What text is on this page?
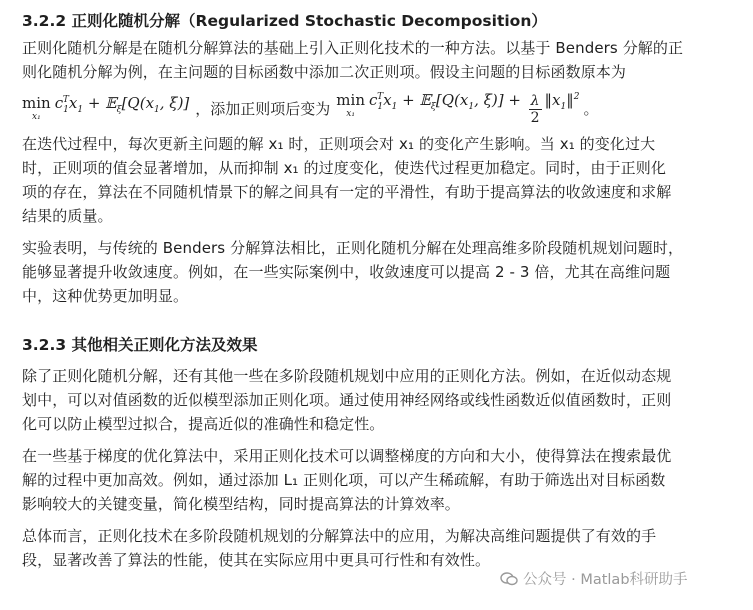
3.2.2 正则化随机分解（Regularized Stochastic Decomposition）

正则化随机分解是在随机分解算法的基础上引入正则化技术的一种方法。以基于 Benders 分解的正
则化随机分解为例，在主问题的目标函数中添加二次正则项。假设主问题的目标函数原本为

min
x₁
$c_1^Tx_1$ + $𝔼_\xi[Q(x_1$, ξ)] ，添加正则项后变为 min
x₁
$c_1^Tx_1$ + $𝔼_\xi[Q(x_1$, $\xi)] + \frac{\lambda}{2}$ $‖x_1‖^2$
。

在迭代过程中，每次更新主问题的解 x₁ 时，正则项会对 x₁ 的变化产生影响。当 x₁ 的变化过大
时，正则项的值会显著增加，从而抑制 x₁ 的过度变化，使迭代过程更加稳定。同时，由于正则化
项的存在，算法在不同随机情景下的解之间具有一定的平滑性，有助于提高算法的收敛速度和求解
结果的质量。

实验表明，与传统的 Benders 分解算法相比，正则化随机分解在处理高维多阶段随机规划问题时，
能够显著提升收敛速度。例如，在一些实际案例中，收敛速度可以提高 2 - 3 倍，尤其在高维问题
中，这种优势更加明显。

3.2.3 其他相关正则化方法及效果

除了正则化随机分解，还有其他一些在多阶段随机规划中应用的正则化方法。例如，在近似动态规
划中，可以对值函数的近似模型添加正则化项。通过使用神经网络或线性函数近似值函数时，正则
化可以防止模型过拟合，提高近似的准确性和稳定性。

在一些基于梯度的优化算法中，采用正则化技术可以调整梯度的方向和大小，使得算法在搜索最优
解的过程中更加高效。例如，通过添加 L₁ 正则化项，可以产生稀疏解，有助于筛选出对目标函数
影响较大的关键变量，简化模型结构，同时提高算法的计算效率。

总体而言，正则化技术在多阶段随机规划的分解算法中的应用，为解决高维问题提供了有效的手
段，显著改善了算法的性能，使其在实际应用中更具可行性和有效性。

公众号 · Matlab科研助手
